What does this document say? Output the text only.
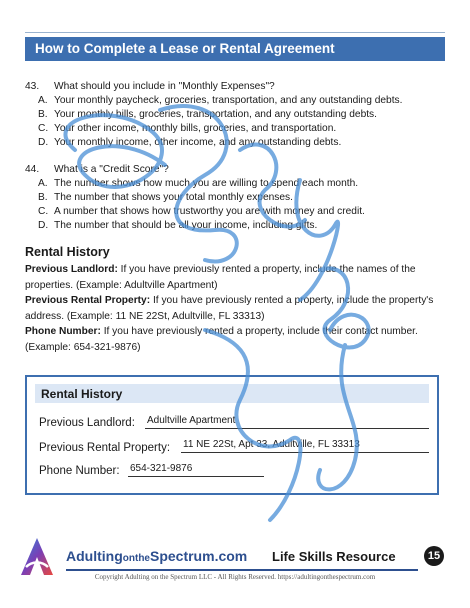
How to Complete a Lease or Rental Agreement
43.	What should you include in "Monthly Expenses"?
A. Your monthly paycheck, groceries, transportation, and any outstanding debts.
B. Your monthly bills, groceries, transportation, and any outstanding debts.
C. Your other income, monthly bills, groceries, and transportation.
D. Your monthly income, other income, and any outstanding debts.
44.	What is a "Credit Score"?
A. The number shows how much you are willing to spend each month.
B. The number that shows your total monthly expenses.
C. A number that shows how trustworthy you are with money and credit.
D. The number that should be all your income, including gifts.
Rental History
Previous Landlord: If you have previously rented a property, include the names of the properties. (Example: Adultville Apartment)
Previous Rental Property: If you have previously rented a property, include the property's address. (Example: 11 NE 22St, Adultville, FL 33313)
Phone Number: If you have previously rented a property, include their contact number. (Example: 654-321-9876)
Rental History
Previous Landlord: Adultville Apartment
Previous Rental Property: 11 NE 22St, Apt 33, Adultville, FL 33313
Phone Number: 654-321-9876
AdultingontheSpectrum.com Life Skills Resource	15
Copyright Adulting on the Spectrum LLC - All Rights Reserved. https://adultingonthespectrum.com
